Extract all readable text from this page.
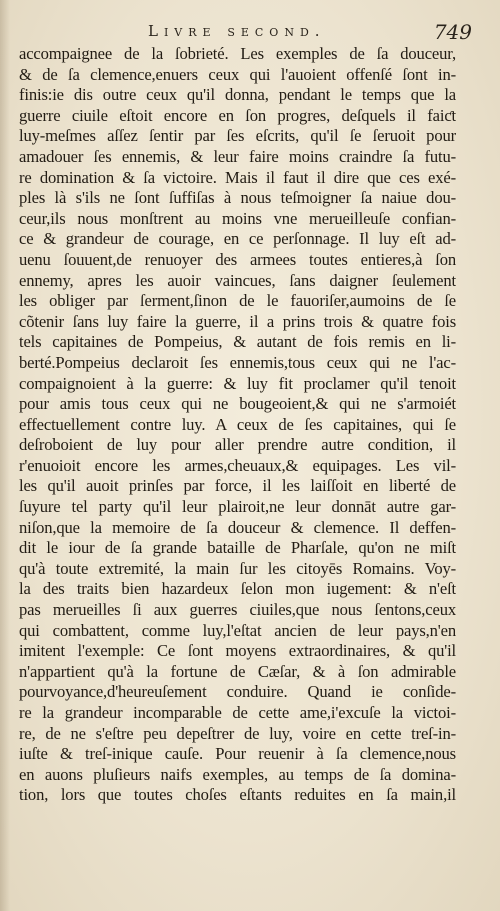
Livre second.	749
accompaignee de la ſobrieté. Les exemples de ſa douceur,
& de ſa clemence,enuers ceux qui l'auoient offenſé ſont in-
finis:ie dis outre ceux qu'il donna, pendant le temps que la
guerre ciuile eſtoit encore en ſon progres, deſquels il faiƈt
luy-meſmes aſſez ſentir par ſes eſcrits, qu'il ſe ſeruoit pour
amadouer ſes ennemis, & leur faire moins craindre ſa futu-
re domination & ſa victoire. Mais il faut il dire que ces exé-
ples là s'ils ne ſont ſuffiſas à nous teſmoigner ſa naiue dou-
ceur,ils nous monſtrent au moins vne merueilleuſe confian-
ce & grandeur de courage, en ce perſonnage. Il luy eſt ad-
uenu ſouuent,de renuoyer des armees toutes entieres,à ſon
ennemy, apres les auoir vaincues, ſans daigner ſeulement
les obliger par ſerment,ſinon de le fauoriſer,aumoins de ſe
cõtenir ſans luy faire la guerre, il a prins trois & quatre fois
tels capitaines de Pompeius, & autant de fois remis en li-
berté.Pompeius declaroit ſes ennemis,tous ceux qui ne l'ac-
compaignoient à la guerre: & luy fit proclamer qu'il tenoit
pour amis tous ceux qui ne bougeoient,& qui ne s'armoiét
effectuellement contre luy. A ceux de ſes capitaines, qui ſe
deſroboient de luy pour aller prendre autre condition, il
r'enuoioit encore les armes,cheuaux,& equipages. Les vil-
les qu'il auoit prinſes par force, il les laiſſoit en liberté de
ſuyure tel party qu'il leur plairoit,ne leur donnāt autre gar-
niſon,que la memoire de ſa douceur & clemence. Il deffen-
dit le iour de ſa grande bataille de Pharſale, qu'on ne miſt
qu'à toute extremité, la main ſur les citoyēs Romains. Voy-
la des traits bien hazardeux ſelon mon iugement: & n'eſt
pas merueilles ſi aux guerres ciuiles,que nous ſentons,ceux
qui combattent, comme luy,l'eſtat ancien de leur pays,n'en
imitent l'exemple: Ce ſont moyens extraordinaires, & qu'il
n'appartient qu'à la fortune de Cæſar, & à ſon admirable
pourvoyance,d'heureuſement conduire. Quand ie conſide-
re la grandeur incomparable de cette ame,i'excuſe la victoi-
re, de ne s'eſtre peu depeſtrer de luy, voire en cette treſ-in-
iuſte & treſ-inique cauſe. Pour reuenir à ſa clemence,nous
en auons pluſieurs naifs exemples, au temps de ſa domina-
tion, lors que toutes choſes eſtants reduites en ſa main,il
